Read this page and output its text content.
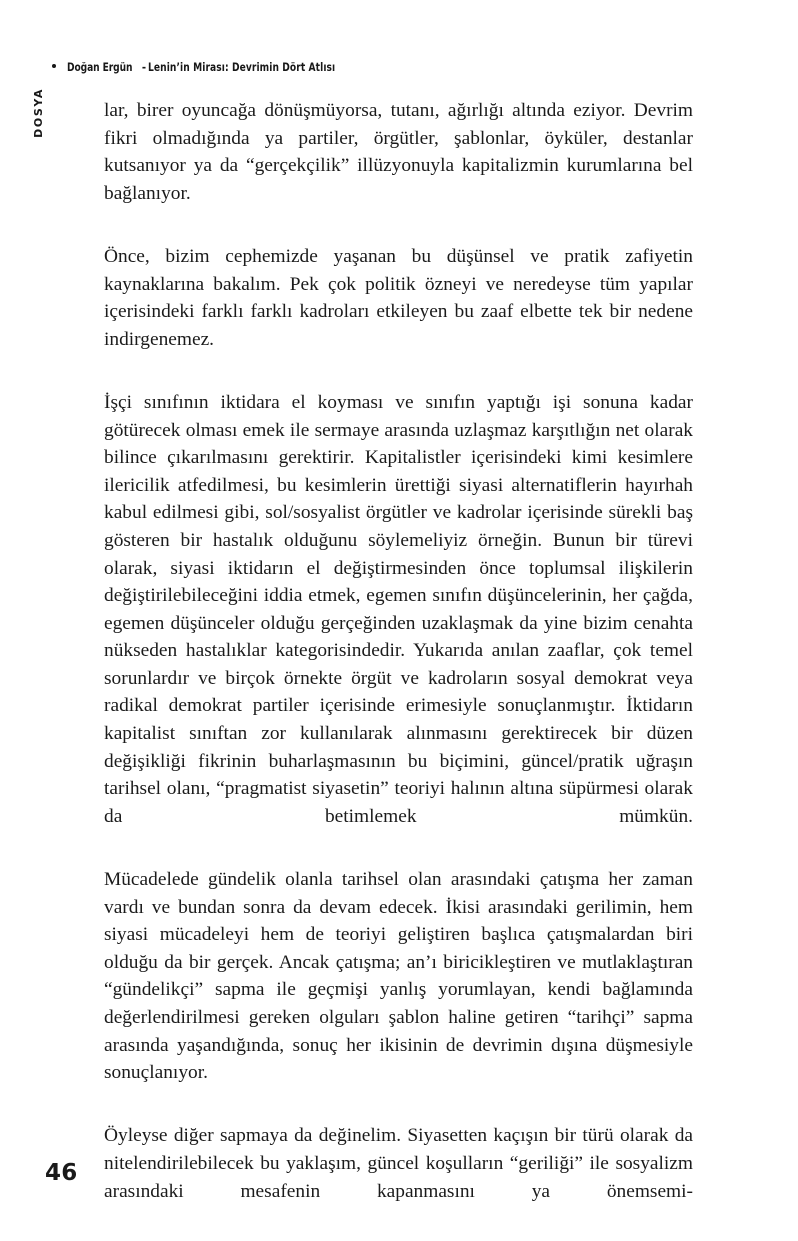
Doğan Ergün - Lenin’in Mirası: Devrimin Dört Atlısı
DOSYA	lar, birer oyuncağa dönüşmüyorsa, tutanı, ağırlığı altında eziyor. Devrim fikri olmadığında ya partiler, örgütler, şablonlar, öyküler, destanlar kutsanıyor ya da “gerçekçilik” illüzyonuyla kapitalizmin kurumlarına bel bağlanıyor.

Önce, bizim cephemizde yaşanan bu düşünsel ve pratik zafiyetin kaynaklarına bakalım. Pek çok politik özneyi ve neredeyse tüm yapılar içerisindeki farklı farklı kadroları etkileyen bu zaaf elbette tek bir nedene indirgenemez.

İşçi sınıfının iktidara el koyması ve sınıfın yaptığı işi sonuna kadar götürecek olması emek ile sermaye arasında uzlaşmaz karşıtlığın net olarak bilince çıkarılmasını gerektirir. Kapitalistler içerisindeki kimi kesimlere ilericilik atfedilmesi, bu kesimlerin ürettiği siyasi alternatiflerin hayırhah kabul edilmesi gibi, sol/sosyalist örgütler ve kadrolar içerisinde sürekli baş gösteren bir hastalık olduğunu söylemeliyiz örneğin. Bunun bir türevi olarak, siyasi iktidarın el değiştirmesinden önce toplumsal ilişkilerin değiştirilebileceğini iddia etmek, egemen sınıfın düşüncelerinin, her çağda, egemen düşünceler olduğu gerçeğinden uzaklaşmak da yine bizim cenahta nükseden hastalıklar kategorisindedir. Yukarıda anılan zaaflar, çok temel sorunlardır ve birçok örnekte örgüt ve kadroların sosyal demokrat veya radikal demokrat partiler içerisinde erimesiyle sonuçlanmıştır. İktidarın kapitalist sınıftan zor kullanılarak alınmasını gerektirecek bir düzen değişikliği fikrinin buharlaşmasının bu biçimini, güncel/pratik uğraşın tarihsel olanı, “pragmatist siyasetin” teoriyi halının altına süpürmesi olarak da betimlemek mümkün.

Mücadelede gündelik olanla tarihsel olan arasındaki çatışma her zaman vardı ve bundan sonra da devam edecek. İkisi arasındaki gerilimin, hem siyasi mücadeleyi hem de teoriyi geliştiren başlıca çatışmalardan biri olduğu da bir gerçek. Ancak çatışma; an’ı biricikleştiren ve mutlaklaştıran “gündelikçi” sapma ile geçmişi yanlış yorumlayan, kendi bağlamında değerlendirilmesi gereken olguları şablon haline getiren “tarihçi” sapma arasında yaşandığında, sonuç her ikisinin de devrimin dışına düşmesiyle sonuçlanıyor.

Öyleyse diğer sapmaya da değinelim. Siyasetten kaçışın bir türü olarak da nitelendirilebilecek bu yaklaşım, güncel koşulların “geriliği” ile sosyalizm arasındaki mesafenin kapanmasını ya önemsemi-

46
